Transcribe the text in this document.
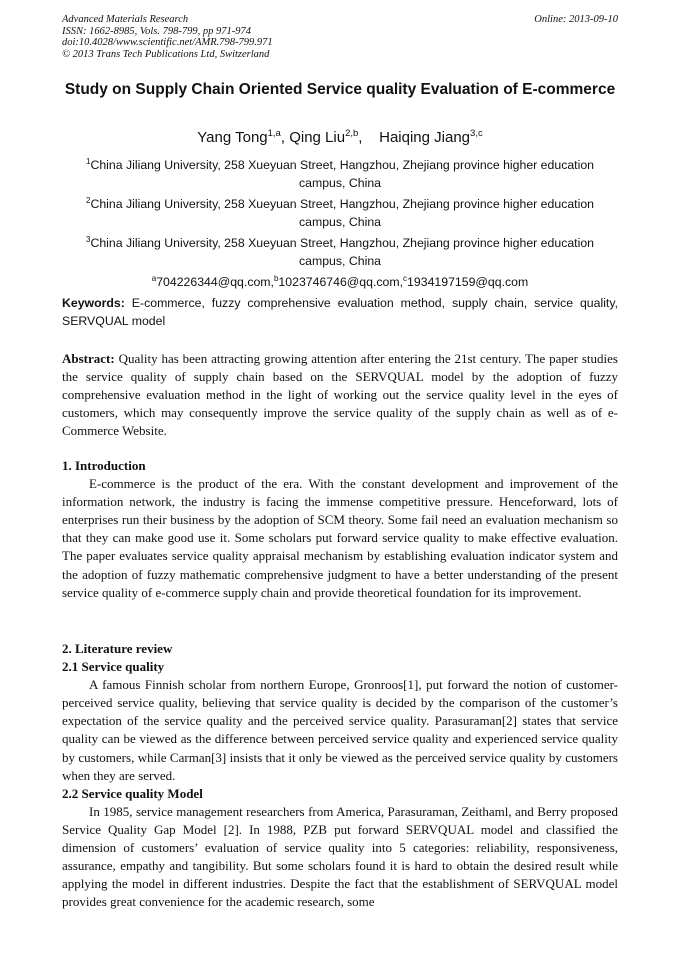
Advanced Materials Research
ISSN: 1662-8985, Vols. 798-799, pp 971-974
doi:10.4028/www.scientific.net/AMR.798-799.971
© 2013 Trans Tech Publications Ltd, Switzerland
Online: 2013-09-10
Study on Supply Chain Oriented Service quality Evaluation of E-commerce
Yang Tong$^{1,a}$, Qing Liu$^{2,b}$,    Haiqing Jiang$^{3,c}$
$^1$China Jiliang University, 258 Xueyuan Street, Hangzhou, Zhejiang province higher education campus, China
$^2$China Jiliang University, 258 Xueyuan Street, Hangzhou, Zhejiang province higher education campus, China
$^3$China Jiliang University, 258 Xueyuan Street, Hangzhou, Zhejiang province higher education campus, China
$^a$704226344@qq.com,$^b$1023746746@qq.com,$^c$1934197159@qq.com
Keywords: E-commerce, fuzzy comprehensive evaluation method, supply chain, service quality, SERVQUAL model

Abstract: Quality has been attracting growing attention after entering the 21st century. The paper studies the service quality of supply chain based on the SERVQUAL model by the adoption of fuzzy comprehensive evaluation method in the light of working out the service quality level in the eyes of customers, which may consequently improve the service quality of the supply chain as well as of e-Commerce Website.

1. Introduction

E-commerce is the product of the era. With the constant development and improvement of the information network, the industry is facing the immense competitive pressure. Henceforward, lots of enterprises run their business by the adoption of SCM theory. Some fail need an evaluation mechanism so that they can make good use it. Some scholars put forward service quality to make effective evaluation. The paper evaluates service quality appraisal mechanism by establishing evaluation indicator system and the adoption of fuzzy mathematic comprehensive judgment to have a better understanding of the present service quality of e-commerce supply chain and provide theoretical foundation for its improvement.

2. Literature review

2.1 Service quality

A famous Finnish scholar from northern Europe, Gronroos[1], put forward the notion of customer-perceived service quality, believing that service quality is decided by the comparison of the customer’s expectation of the service quality and the perceived service quality. Parasuraman[2] states that service quality can be viewed as the difference between perceived service quality and experienced service quality by customers, while Carman[3] insists that it only be viewed as the perceived service quality by customers when they are served.

2.2 Service quality Model

In 1985, service management researchers from America, Parasuraman, Zeithaml, and Berry proposed Service Quality Gap Model [2]. In 1988, PZB put forward SERVQUAL model and classified the dimension of customers’ evaluation of service quality into 5 categories: reliability, responsiveness, assurance, empathy and tangibility. But some scholars found it is hard to obtain the desired result while applying the model in different industries. Despite the fact that the establishment of SERVQUAL model provides great convenience for the academic research, some
